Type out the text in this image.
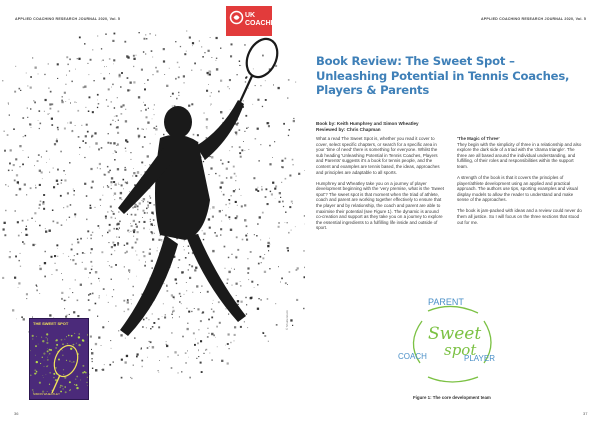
APPLIED COACHING RESEARCH JOURNAL 2020, Vol. 5	APPLIED COACHING RESEARCH JOURNAL 2020, Vol. 5
UK
COACHING
© Shutterstock
THE SWEET SPOT
SIMON WHEATLEY
Book Review: The Sweet Spot – Unleashing Potential in Tennis Coaches, Players & Parents
Book by: Keith Humphrey and Simon Wheatley
Reviewed by: Chris Chapman

What a read The Sweet Spot is, whether you read it cover to cover, select specific chapters, or search for a specific area in your 'time of need' there is something for everyone. Whilst the sub heading 'Unleashing Potential in Tennis Coaches, Players and Parents' suggests it's a book for tennis people, and the content and examples are tennis based, the ideas, approaches and principles are adaptable to all sports.

Humphrey and Wheatley take you on a journey of player development beginning with the 'very premise, what is the 'Sweet spot'? The sweet spot is that moment when the triad of athlete, coach and parent are working together effectively to ensure that the player and by relationship, the coach and parent are able to maximise their potential (see Figure 1). The dynamic is around co-creation and support as they take you on a journey to explore the essential ingredients to a fulfilling life inside and outside of sport.

'The Magic of Three'

They begin with the simplicity of three in a relationship and also explore the dark side of a triad with the 'drama triangle'. The three are all based around the individual understanding, and fulfilling, of their roles and responsibilities within the support team.

A strength of the book is that it covers the principles of player/athlete development using an applied and practical approach. The authors use tips, sporting examples and visual display models to allow the reader to understand and make sense of the approaches.

The book is jam-packed with ideas and a review could never do them all justice. So I will focus on the three sections that stood out for me.

PARENT
COACH	PLAYER
Sweet
spot
Figure 1: The core development team
36	37
